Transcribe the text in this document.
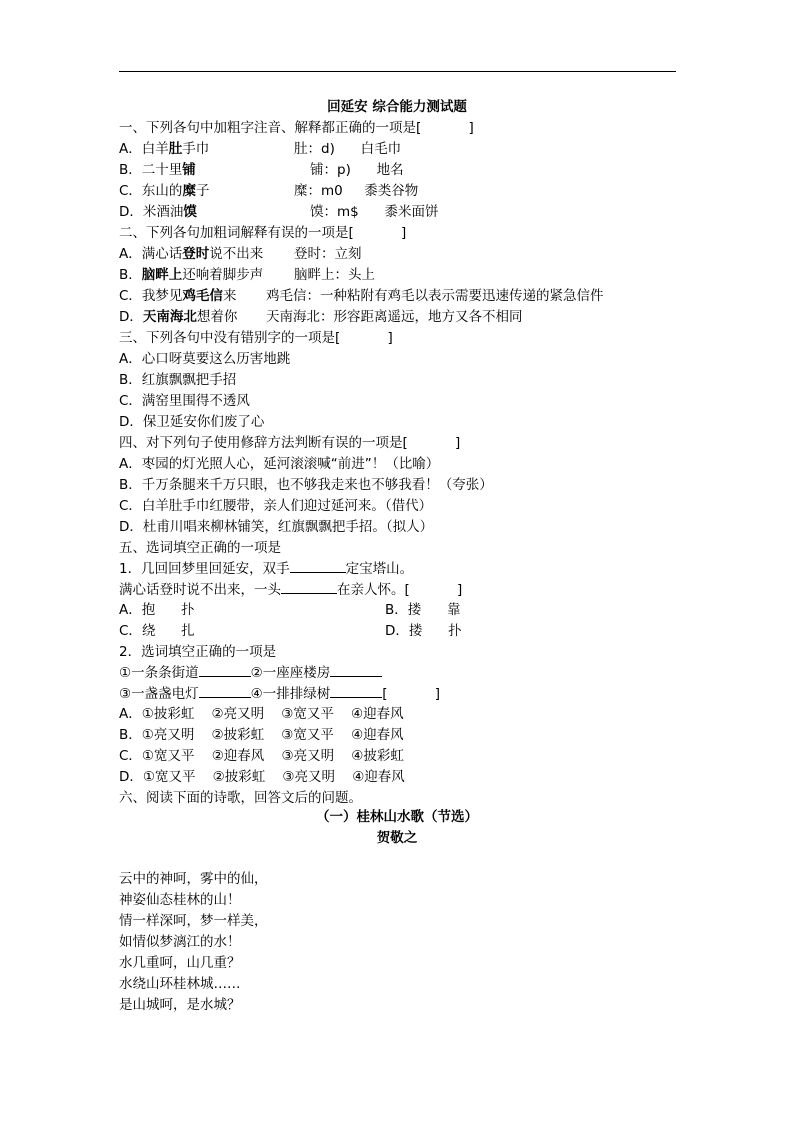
回延安 综合能力测试题
一、下列各句中加粗字注音、解释都正确的一项是[           ]
A．白羊肚手巾	肚：d)      白毛巾
B．二十里铺	铺：p)      地名
C．东山的糜子	糜：m0     黍类谷物
D．米酒油馍	馍：m$      黍米面饼
二、下列各句加粗词解释有误的一项是[           ]
A．满心话登时说不出来 登时：立刻
B．脑畔上还响着脚步声 脑畔上：头上
C．我梦见鸡毛信来 鸡毛信：一种粘附有鸡毛以表示需要迅速传递的紧急信件
D．天南海北想着你 天南海北：形容距离遥远，地方又各不相同
三、下列各句中没有错别字的一项是[           ]
A．心口呀莫要这么历害地跳
B．红旗飘飘把手招
C．满窑里围得不透风
D．保卫延安你们废了心
四、对下列句子使用修辞方法判断有误的一项是[           ]
A．枣园的灯光照人心，延河滚滚喊“前进”！（比喻）
B．千万条腿来千万只眼，也不够我走来也不够我看！（夸张）
C．白羊肚手巾红腰带，亲人们迎过延河来。（借代）
D．杜甫川唱来柳林铺笑，红旗飘飘把手招。（拟人）
五、选词填空正确的一项是
1．几回回梦里回延安，双手	定宝塔山。
满心话登时说不出来，一头	在亲人怀。[           ]
A．抱      扑	B．搂      靠
C．绕      扎	D．搂      扑
2．选词填空正确的一项是
①一条条街道	②一座座楼房
③一盏盏电灯	④一排排绿树	[           ]
A．①披彩虹    ②亮又明    ③宽又平    ④迎春风
B．①亮又明    ②披彩虹    ③宽又平    ④迎春风
C．①宽又平    ②迎春风    ③亮又明    ④披彩虹
D．①宽又平    ②披彩虹    ③亮又明    ④迎春风
六、阅读下面的诗歌，回答文后的问题。
（一）桂林山水歌（节选）
贺敬之
云中的神呵，雾中的仙，
神姿仙态桂林的山！
情一样深呵，梦一样美，
如情似梦漓江的水！
水几重呵，山几重？
水绕山环桂林城……
是山城呵，是水城？
